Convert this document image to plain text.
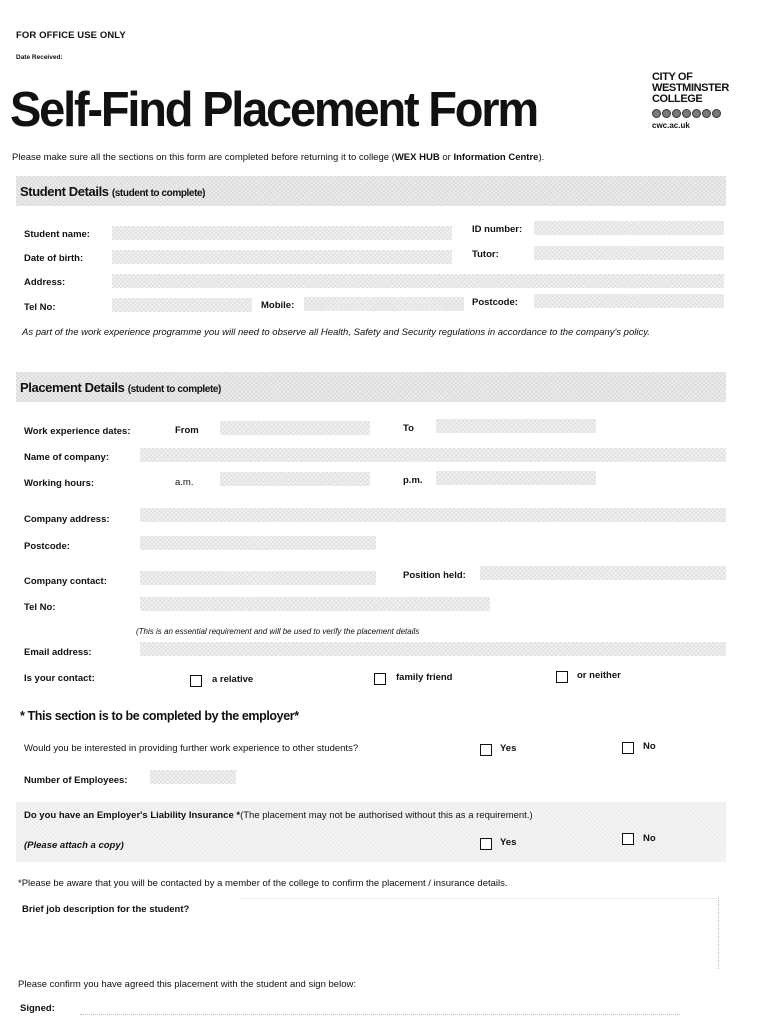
FOR OFFICE USE ONLY
Date Received:
Self-Find Placement Form
CITY OF
WESTMINSTER
COLLEGE
cwc.ac.uk
Please make sure all the sections on this form are completed before returning it to college (WEX HUB or Information Centre).
Student Details (student to complete)
Student name:	ID number:
Date of birth:	Tutor:
Address:
Tel No:	Mobile:	Postcode:
As part of the work experience programme you will need to observe all Health, Safety and Security regulations in accordance to the company's policy.
Placement Details (student to complete)
Work experience dates:	From	To
Name of company:
Working hours:	a.m.	p.m.
Company address:
Postcode:
Company contact:
Position held:
Tel No:
(This is an essential requirement and will be used to verify the placement details
Email address:
Is your contact:	a relative	family friend	or neither
* This section is to be completed by the employer*
Would you be interested in providing further work experience to other students?	Yes	No
Number of Employees:
Do you have an Employer's Liability Insurance *(The placement may not be authorised without this as a requirement.)
(Please attach a copy)	Yes	No
*Please be aware that you will be contacted by a member of the college to confirm the placement / insurance details.
Brief job description for the student?
Please confirm you have agreed this placement with the student and sign below:
Signed:
